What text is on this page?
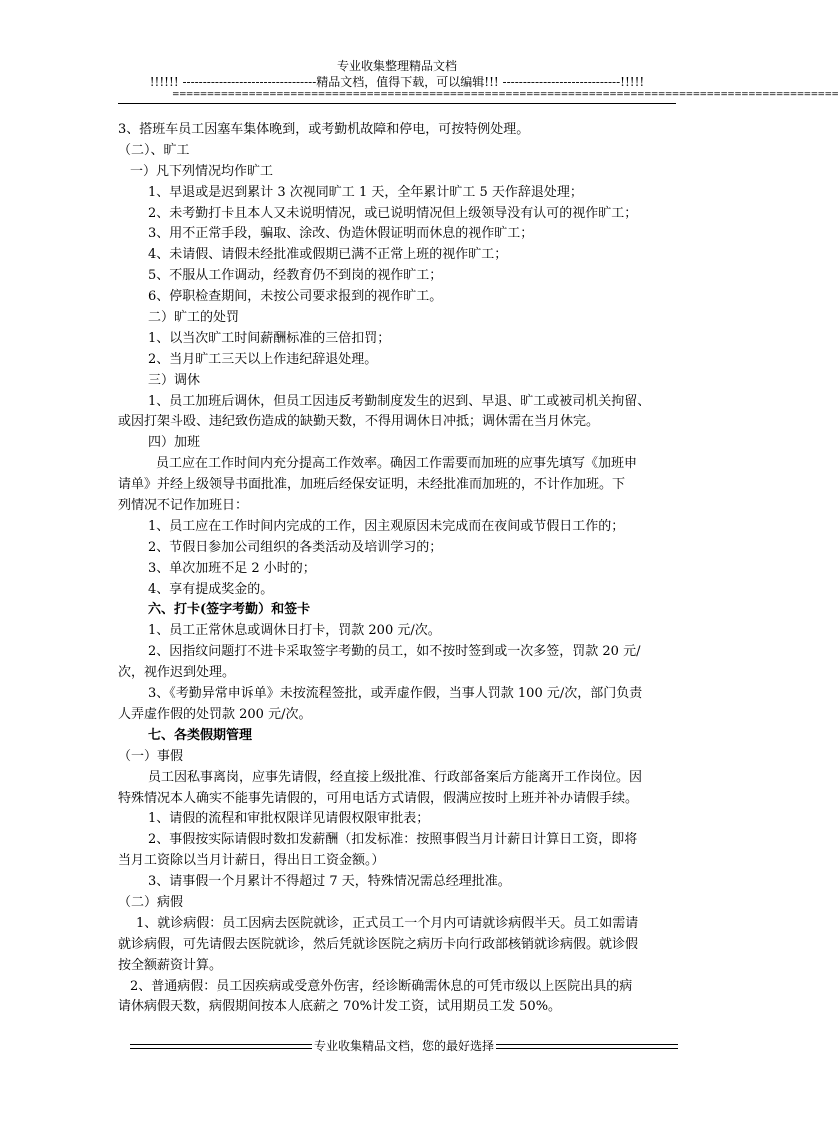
专业收集整理精品文档
!!!!!! ---------------------------------精品文档，值得下载，可以编辑!!! -----------------------------!!!!!
================================================================================================
3、搭班车员工因塞车集体晚到，或考勤机故障和停电，可按特例处理。
（二）、旷工
一）凡下列情况均作旷工
1、早退或是迟到累计 3 次视同旷工 1 天，全年累计旷工 5 天作辞退处理；
2、未考勤打卡且本人又未说明情况，或已说明情况但上级领导没有认可的视作旷工；
3、用不正常手段，骗取、涂改、伪造休假证明而休息的视作旷工；
4、未请假、请假未经批准或假期已满不正常上班的视作旷工；
5、不服从工作调动，经教育仍不到岗的视作旷工；
6、停职检查期间，未按公司要求报到的视作旷工。
二）旷工的处罚
1、以当次旷工时间薪酬标准的三倍扣罚；
2、当月旷工三天以上作违纪辞退处理。
三）调休
1、员工加班后调休，但员工因违反考勤制度发生的迟到、早退、旷工或被司机关拘留、
或因打架斗殴、违纪致伤造成的缺勤天数，不得用调休日冲抵；调休需在当月休完。
四）加班
员工应在工作时间内充分提高工作效率。确因工作需要而加班的应事先填写《加班申
请单》并经上级领导书面批准，加班后经保安证明，未经批准而加班的，不计作加班。下
列情况不记作加班日：
1、员工应在工作时间内完成的工作，因主观原因未完成而在夜间或节假日工作的；
2、节假日参加公司组织的各类活动及培训学习的；
3、单次加班不足 2 小时的；
4、享有提成奖金的。
六、打卡(签字考勤）和签卡
1、员工正常休息或调休日打卡，罚款 200 元/次。
2、因指纹问题打不进卡采取签字考勤的员工，如不按时签到或一次多签，罚款 20 元/
次，视作迟到处理。
3、《考勤异常申诉单》未按流程签批，或弄虚作假，当事人罚款 100 元/次，部门负责
人弄虚作假的处罚款 200 元/次。
七、各类假期管理
（一）事假
员工因私事离岗，应事先请假，经直接上级批准、行政部备案后方能离开工作岗位。因
特殊情况本人确实不能事先请假的，可用电话方式请假，假满应按时上班并补办请假手续。
1、请假的流程和审批权限详见请假权限审批表；
2、事假按实际请假时数扣发薪酬（扣发标准：按照事假当月计薪日计算日工资，即将
当月工资除以当月计薪日，得出日工资金额。）
3、请事假一个月累计不得超过 7 天，特殊情况需总经理批准。
（二）病假
1、就诊病假：员工因病去医院就诊，正式员工一个月内可请就诊病假半天。员工如需请
就诊病假，可先请假去医院就诊，然后凭就诊医院之病历卡向行政部核销就诊病假。就诊假
按全额薪资计算。
2、普通病假：员工因疾病或受意外伤害，经诊断确需休息的可凭市级以上医院出具的病
请休病假天数，病假期间按本人底薪之 70%计发工资，试用期员工发 50%。
专业收集精品文档，您的最好选择
